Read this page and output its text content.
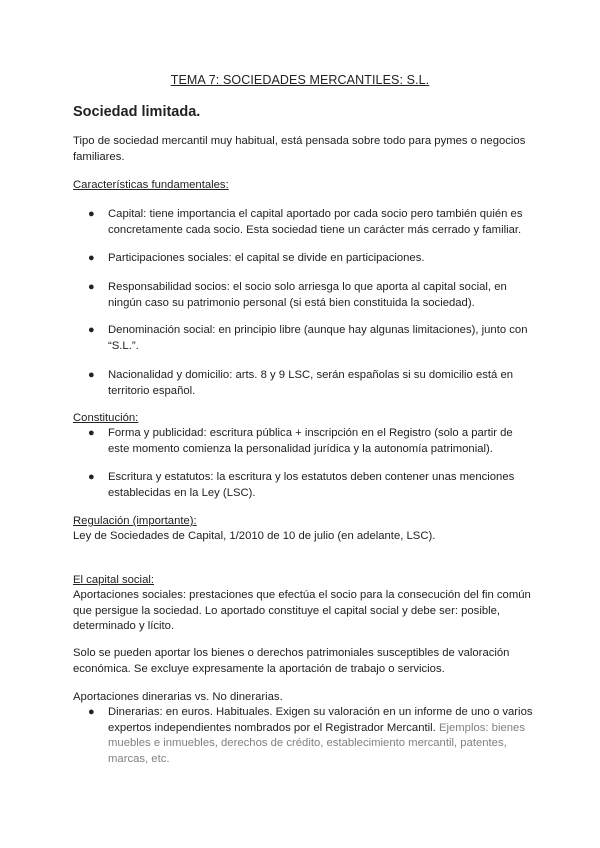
TEMA 7: SOCIEDADES MERCANTILES: S.L.
Sociedad limitada.
Tipo de sociedad mercantil muy habitual, está pensada sobre todo para pymes o negocios familiares.
Características fundamentales:
●	Capital: tiene importancia el capital aportado por cada socio pero también quién es concretamente cada socio. Esta sociedad tiene un carácter más cerrado y familiar.
●	Participaciones sociales: el capital se divide en participaciones.
●	Responsabilidad socios: el socio solo arriesga lo que aporta al capital social, en ningún caso su patrimonio personal (si está bien constituida la sociedad).
●	Denominación social: en principio libre (aunque hay algunas limitaciones), junto con “S.L.”.
●	Nacionalidad y domicilio: arts. 8 y 9 LSC, serán españolas si su domicilio está en territorio español.
Constitución:
●	Forma y publicidad: escritura pública + inscripción en el Registro (solo a partir de este momento comienza la personalidad jurídica y la autonomía patrimonial).
●	Escritura y estatutos: la escritura y los estatutos deben contener unas menciones establecidas en la Ley (LSC).
Regulación (importante):
Ley de Sociedades de Capital, 1/2010 de 10 de julio (en adelante, LSC).
El capital social:
Aportaciones sociales: prestaciones que efectúa el socio para la consecución del fin común que persigue la sociedad. Lo aportado constituye el capital social y debe ser: posible, determinado y lícito.
Solo se pueden aportar los bienes o derechos patrimoniales susceptibles de valoración económica. Se excluye expresamente la aportación de trabajo o servicios.
Aportaciones dinerarias vs. No dinerarias.
●	Dinerarias: en euros. Habituales. Exigen su valoración en un informe de uno o varios expertos independientes nombrados por el Registrador Mercantil. Ejemplos: bienes muebles e inmuebles, derechos de crédito, establecimiento mercantil, patentes, marcas, etc.
